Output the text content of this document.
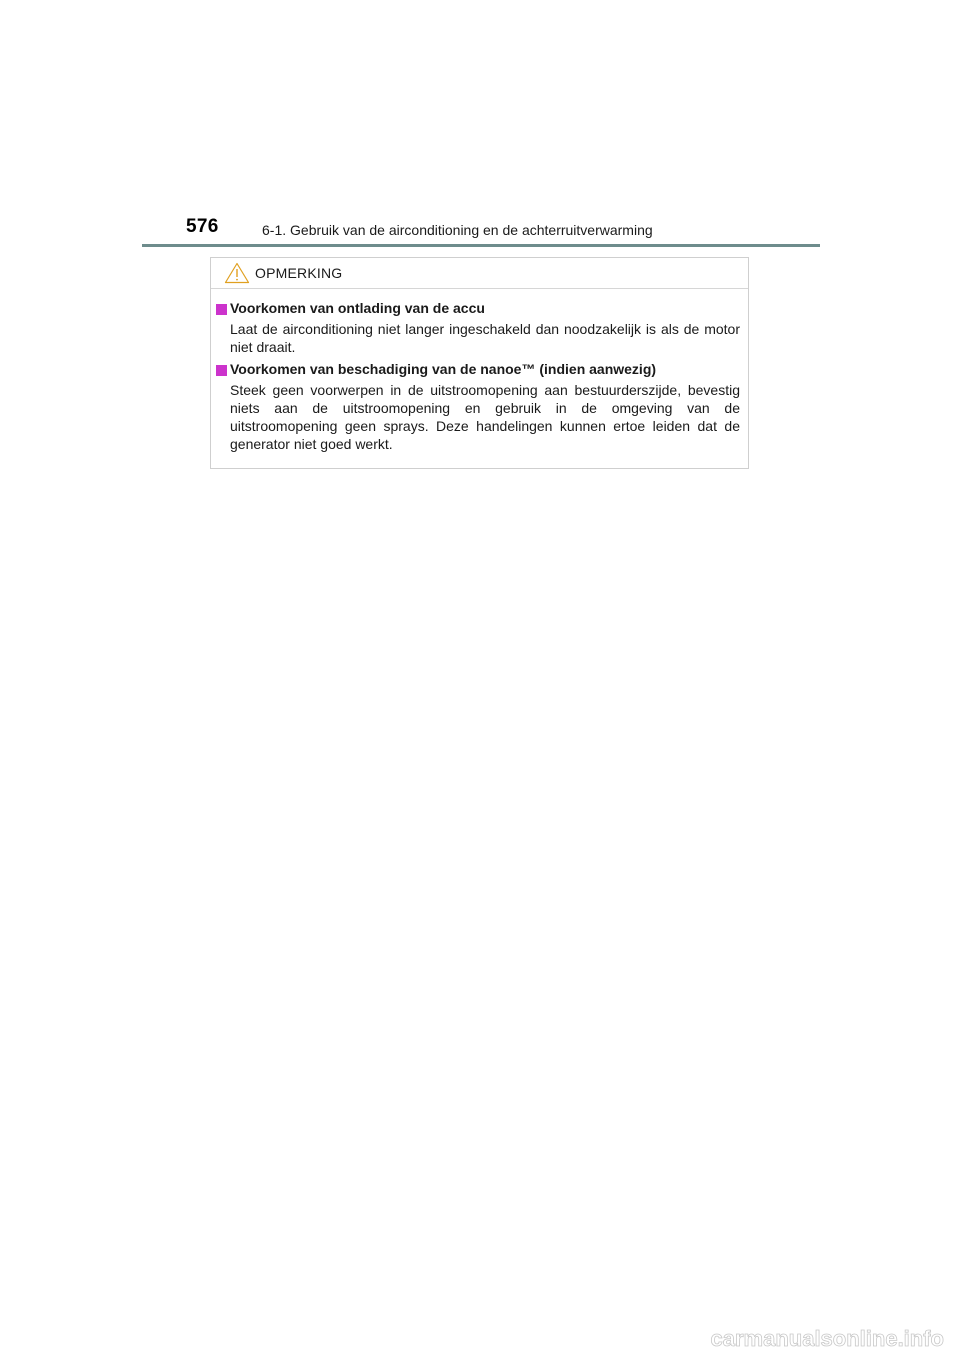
576	6-1. Gebruik van de airconditioning en de achterruitverwarming
OPMERKING
Voorkomen van ontlading van de accu
Laat de airconditioning niet langer ingeschakeld dan noodzakelijk is als de motor niet draait.
Voorkomen van beschadiging van de nanoe™ (indien aanwezig)
Steek geen voorwerpen in de uitstroomopening aan bestuurderszijde, bevestig niets aan de uitstroomopening en gebruik in de omgeving van de uitstroomopening geen sprays. Deze handelingen kunnen ertoe leiden dat de generator niet goed werkt.
carmanualsonline.info
